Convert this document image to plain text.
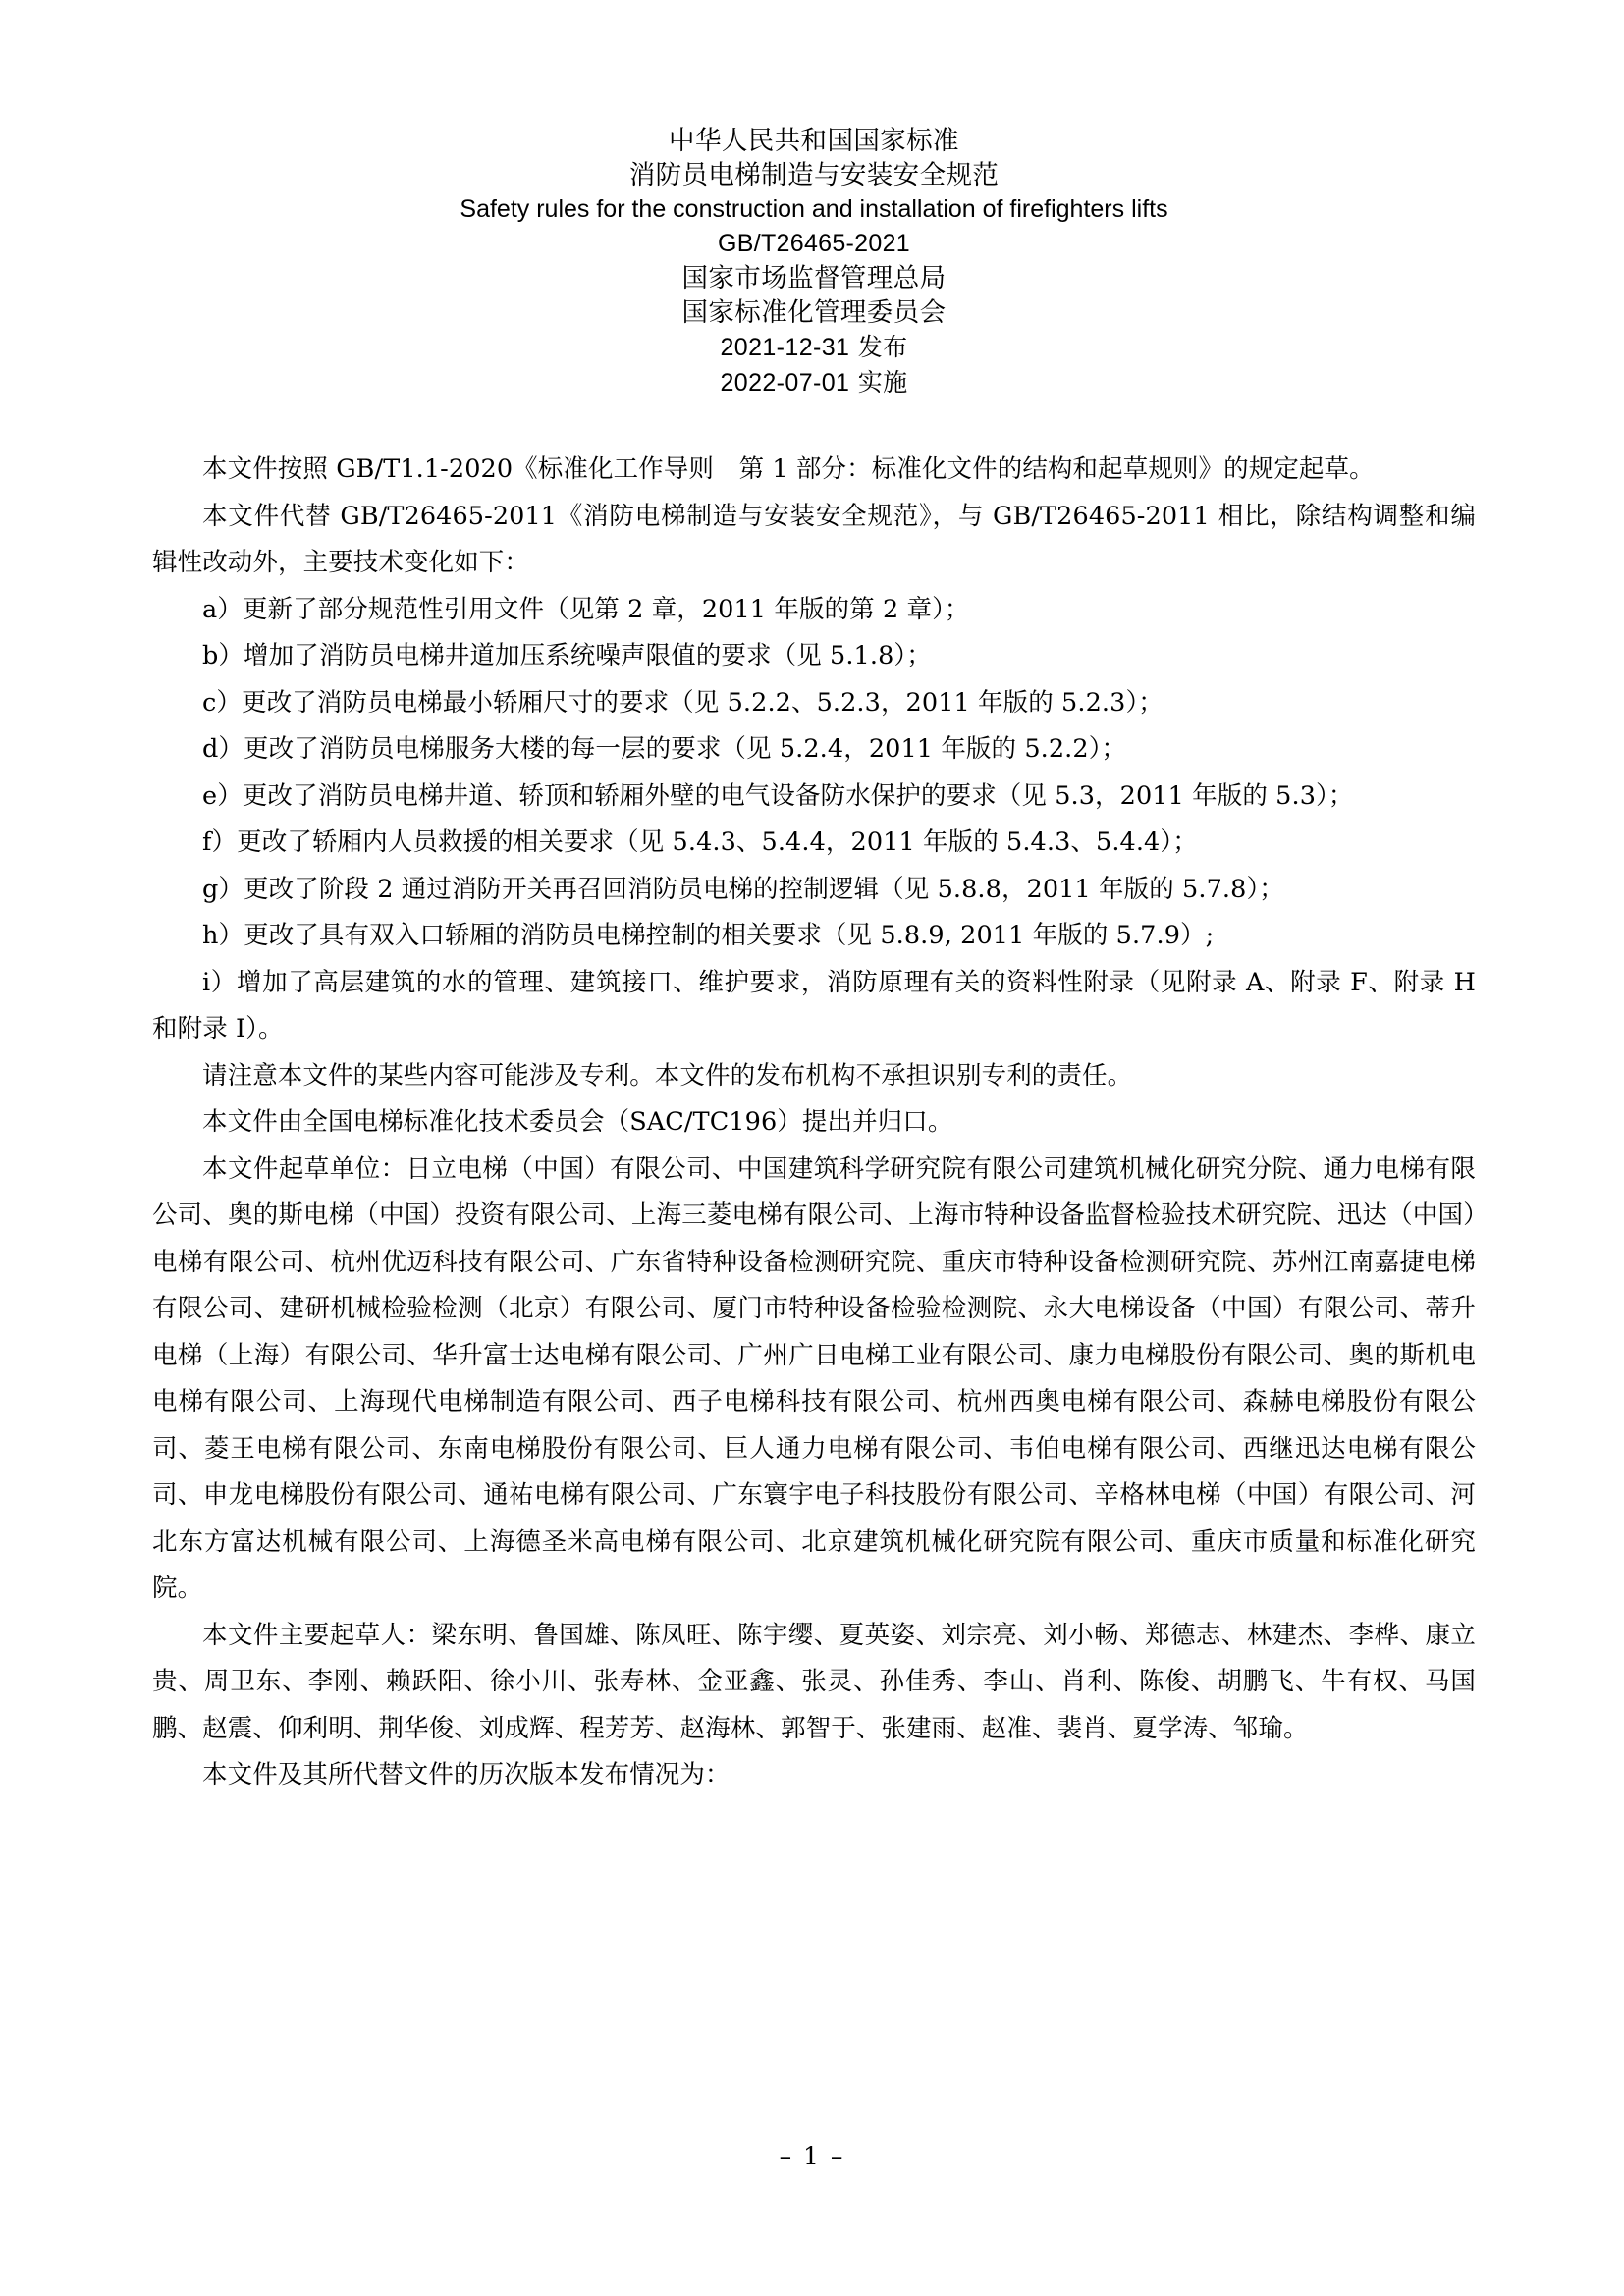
中华人民共和国国家标准
消防员电梯制造与安装安全规范
Safety rules for the construction and installation of firefighters lifts
GB/T26465-2021
国家市场监督管理总局
国家标准化管理委员会
2021-12-31 发布
2022-07-01 实施

本文件按照 GB/T1.1-2020《标准化工作导则　第 1 部分：标准化文件的结构和起草规则》的规定起草。

本文件代替 GB/T26465-2011《消防电梯制造与安装安全规范》，与 GB/T26465-2011 相比，除结构调整和编辑性改动外，主要技术变化如下：

a）更新了部分规范性引用文件（见第 2 章，2011 年版的第 2 章）；

b）增加了消防员电梯井道加压系统噪声限值的要求（见 5.1.8）；

c）更改了消防员电梯最小轿厢尺寸的要求（见 5.2.2、5.2.3，2011 年版的 5.2.3）；

d）更改了消防员电梯服务大楼的每一层的要求（见 5.2.4，2011 年版的 5.2.2）；

e）更改了消防员电梯井道、轿顶和轿厢外壁的电气设备防水保护的要求（见 5.3，2011 年版的 5.3）；

f）更改了轿厢内人员救援的相关要求（见 5.4.3、5.4.4，2011 年版的 5.4.3、5.4.4）；

g）更改了阶段 2 通过消防开关再召回消防员电梯的控制逻辑（见 5.8.8，2011 年版的 5.7.8）；

h）更改了具有双入口轿厢的消防员电梯控制的相关要求（见 5.8.9, 2011 年版的 5.7.9）;

i）增加了高层建筑的水的管理、建筑接口、维护要求，消防原理有关的资料性附录（见附录 A、附录 F、附录 H 和附录 I）。

请注意本文件的某些内容可能涉及专利。本文件的发布机构不承担识别专利的责任。

本文件由全国电梯标准化技术委员会（SAC/TC196）提出并归口。

本文件起草单位：日立电梯（中国）有限公司、中国建筑科学研究院有限公司建筑机械化研究分院、通力电梯有限公司、奥的斯电梯（中国）投资有限公司、上海三菱电梯有限公司、上海市特种设备监督检验技术研究院、迅达（中国）电梯有限公司、杭州优迈科技有限公司、广东省特种设备检测研究院、重庆市特种设备检测研究院、苏州江南嘉捷电梯有限公司、建研机械检验检测（北京）有限公司、厦门市特种设备检验检测院、永大电梯设备（中国）有限公司、蒂升电梯（上海）有限公司、华升富士达电梯有限公司、广州广日电梯工业有限公司、康力电梯股份有限公司、奥的斯机电电梯有限公司、上海现代电梯制造有限公司、西子电梯科技有限公司、杭州西奥电梯有限公司、森赫电梯股份有限公司、菱王电梯有限公司、东南电梯股份有限公司、巨人通力电梯有限公司、韦伯电梯有限公司、西继迅达电梯有限公司、申龙电梯股份有限公司、通祐电梯有限公司、广东寰宇电子科技股份有限公司、辛格林电梯（中国）有限公司、河北东方富达机械有限公司、上海德圣米高电梯有限公司、北京建筑机械化研究院有限公司、重庆市质量和标准化研究院。

本文件主要起草人：梁东明、鲁国雄、陈凤旺、陈宇缨、夏英姿、刘宗亮、刘小畅、郑德志、林建杰、李桦、康立贵、周卫东、李刚、赖跃阳、徐小川、张寿林、金亚鑫、张灵、孙佳秀、李山、肖利、陈俊、胡鹏飞、牛有权、马国鹏、赵震、仰利明、荆华俊、刘成辉、程芳芳、赵海林、郭智于、张建雨、赵准、裴肖、夏学涛、邹瑜。

本文件及其所代替文件的历次版本发布情况为：

– 1 –
